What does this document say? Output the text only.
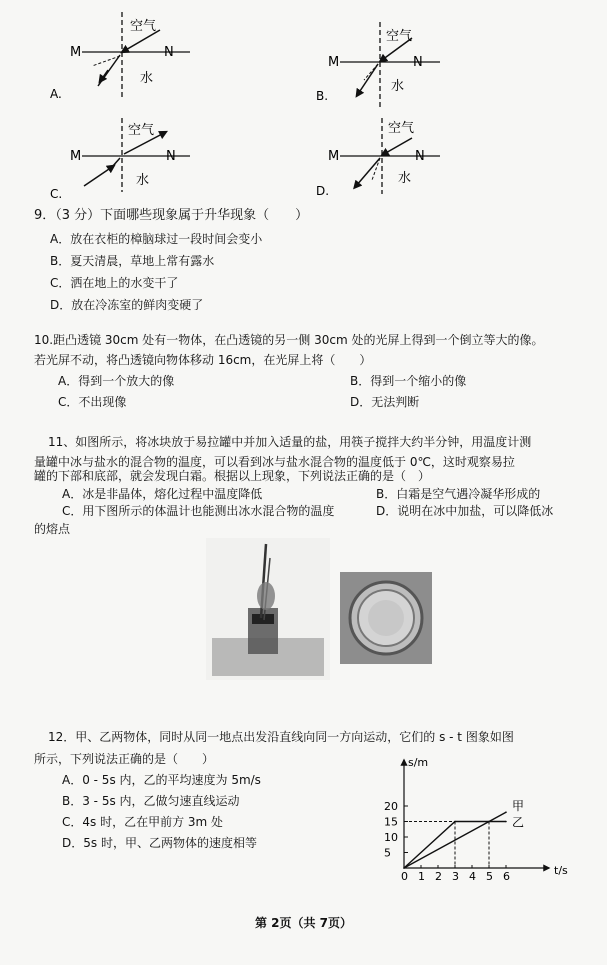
M	N
空气
水
A.
M	N
空气
水
B.
M	N
空气
水
C.
M	N
空气
水
D.
9．（3 分）下面哪些现象属于升华现象（　　）
A．放在衣柜的樟脑球过一段时间会变小
B．夏天清晨，草地上常有露水
C．洒在地上的水变干了
D．放在冷冻室的鲜肉变硬了
10.距凸透镜 30cm 处有一物体，在凸透镜的另一侧 30cm 处的光屏上得到一个倒立等大的像。
若光屏不动，将凸透镜向物体移动 16cm，在光屏上将（　　）
A．得到一个放大的像	B．得到一个缩小的像
C．不出现像	D．无法判断
11、如图所示，将冰块放于易拉罐中并加入适量的盐，用筷子搅拌大约半分钟，用温度计测
量罐中冰与盐水的混合物的温度，可以看到冰与盐水混合物的温度低于 0℃，这时观察易拉
罐的下部和底部，就会发现白霜。根据以上现象，下列说法正确的是（　）
A．冰是非晶体，熔化过程中温度降低	B．白霜是空气遇冷凝华形成的
C．用下图所示的体温计也能测出冰水混合物的温度	D．说明在冰中加盐，可以降低冰
的熔点
12．甲、乙两物体，同时从同一地点出发沿直线向同一方向运动，它们的 s - t 图象如图
所示，下列说法正确的是（　　）
A．0 - 5s 内，乙的平均速度为 5m/s
B．3 - 5s 内，乙做匀速直线运动
C．4s 时，乙在甲前方 3m 处
D．5s 时，甲、乙两物体的速度相等
s/m
t/s
0 1 2 3 4 5 6
5
10
15
20	甲
乙
第 2页（共 7页）
